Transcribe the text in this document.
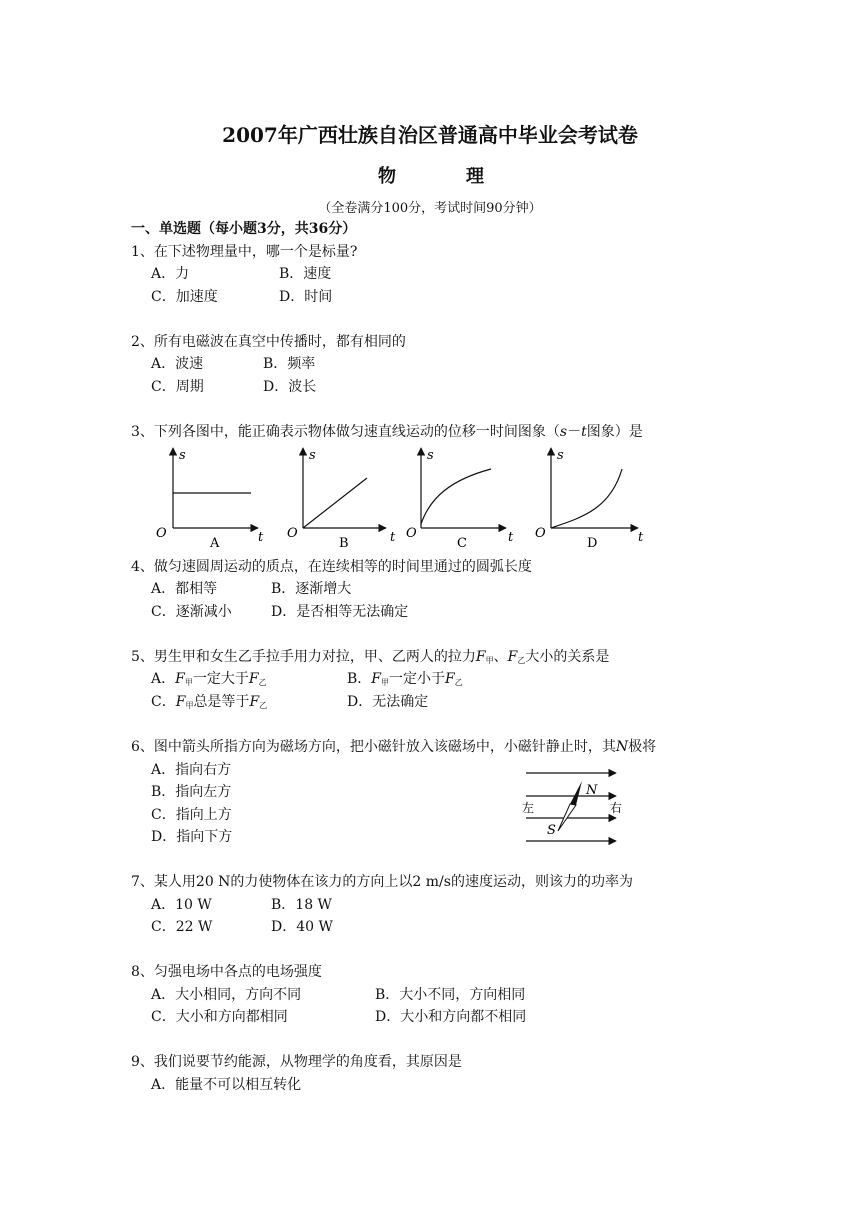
2007年广西壮族自治区普通高中毕业会考试卷
物	理
（全卷满分100分，考试时间90分钟）
一、单选题（每小题3分，共36分）
1、在下述物理量中，哪一个是标量?
A．力	B．速度
C．加速度	D．时间
2、所有电磁波在真空中传播时，都有相同的
A．波速	B．频率
C．周期	D．波长
3、下列各图中，能正确表示物体做匀速直线运动的位移一时间图象（s－t图象）是
s
O	t
A
s
O	t
B
s
O	t
C
s
O	t
D
4、做匀速圆周运动的质点，在连续相等的时间里通过的圆弧长度
A．都相等	B．逐渐增大
C．逐渐减小	D．是否相等无法确定
5、男生甲和女生乙手拉手用力对拉，甲、乙两人的拉力$F_甲$、$F_乙$大小的关系是
A．$F_甲$一定大于$F_乙$	B．$F_甲$一定小于$F_乙$
C．$F_甲$总是等于$F_乙$	D．无法确定
6、图中箭头所指方向为磁场方向，把小磁针放入该磁场中，小磁针静止时，其N极将
A．指向右方
B．指向左方
C．指向上方
D．指向下方
N
S
左	右
7、某人用20 N的力使物体在该力的方向上以2 m/s的速度运动，则该力的功率为
A．10 W	B．18 W
C．22 W	D．40 W
8、匀强电场中各点的电场强度
A．大小相同，方向不同	B．大小不同，方向相同
C．大小和方向都相同	D．大小和方向都不相同
9、我们说要节约能源，从物理学的角度看，其原因是
A．能量不可以相互转化
